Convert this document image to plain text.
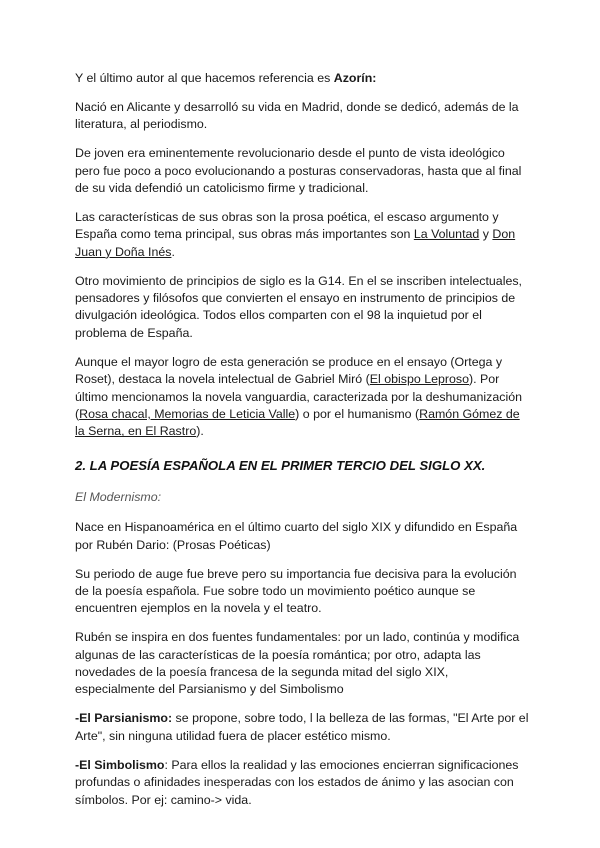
Y el último autor al que hacemos referencia es Azorín:

Nació en Alicante y desarrolló su vida en Madrid, donde se dedicó, además de la literatura, al periodismo.

De joven era eminentemente revolucionario desde el punto de vista ideológico pero fue poco a poco evolucionando a posturas conservadoras, hasta que al final de su vida defendió un catolicismo firme y tradicional.

Las características de sus obras son la prosa poética, el escaso argumento y España como tema principal, sus obras más importantes son La Voluntad y Don Juan y Doña Inés.

Otro movimiento de principios de siglo es la G14. En el se inscriben intelectuales, pensadores y filósofos que convierten el ensayo en instrumento de principios de divulgación ideológica. Todos ellos comparten con el 98 la inquietud por el problema de España.

Aunque el mayor logro de esta generación se produce en el ensayo (Ortega y Roset), destaca la novela intelectual de Gabriel Miró (El obispo Leproso). Por último mencionamos la novela vanguardia, caracterizada por la deshumanización (Rosa chacal, Memorias de Leticia Valle) o por el humanismo (Ramón Gómez de la Serna, en El Rastro).

2. LA POESÍA ESPAÑOLA EN EL PRIMER TERCIO DEL SIGLO XX.

El Modernismo:

Nace en Hispanoamérica en el último cuarto del siglo XIX y difundido en España por Rubén Dario: (Prosas Poéticas)

Su periodo de auge fue breve pero su importancia fue decisiva para la evolución de la poesía española. Fue sobre todo un movimiento poético aunque se encuentren ejemplos en la novela y el teatro.

Rubén se inspira en dos fuentes fundamentales: por un lado, continúa y modifica algunas de las características de la poesía romántica; por otro, adapta las novedades de la poesía francesa de la segunda mitad del siglo XIX, especialmente del Parsianismo y del Simbolismo

-El Parsianismo: se propone, sobre todo, l la belleza de las formas, "El Arte por el Arte", sin ninguna utilidad fuera de placer estético mismo.

-El Simbolismo: Para ellos la realidad y las emociones encierran significaciones profundas o afinidades inesperadas con los estados de ánimo y las asocian con símbolos. Por ej: camino-> vida.
